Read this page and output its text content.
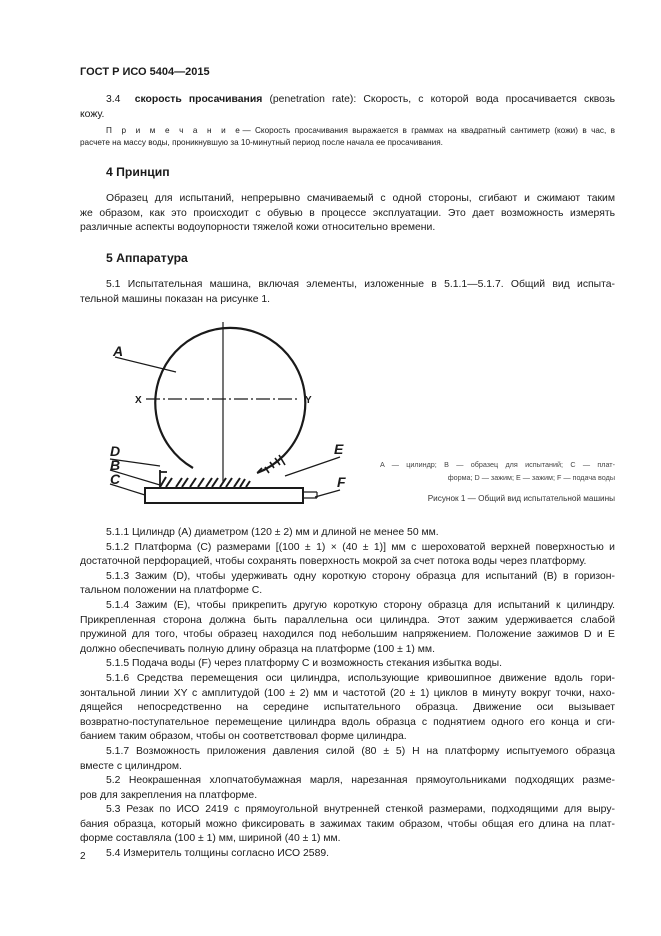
ГОСТ Р ИСО 5404—2015
3.4 скорость просачивания (penetration rate): Скорость, с которой вода просачивается сквозь
кожу.
П р и м е ч а н и е— Скорость просачивания выражается в граммах на квадратный сантиметр (кожи) в час, в
расчете на массу воды, проникнувшую за 10-минутный период после начала ее просачивания.
4 Принцип
Образец для испытаний, непрерывно смачиваемый с одной стороны, сгибают и сжимают таким
же образом, как это происходит с обувью в процессе эксплуатации. Это дает возможность измерять
различные аспекты водоупорности тяжелой кожи относительно времени.
5 Аппаратура
5.1 Испытательная машина, включая элементы, изложенные в 5.1.1—5.1.7. Общий вид испыта-
тельной машины показан на рисунке 1.
A
D
B
C
E
F
X	Y
A — цилиндр; B — образец для испытаний; C — плат-
форма; D — зажим; E — зажим; F — подача воды
Рисунок 1 — Общий вид испытательной машины
5.1.1 Цилиндр (A) диаметром (120 ± 2) мм и длиной не менее 50 мм.
5.1.2 Платформа (C) размерами [(100 ± 1) × (40 ± 1)] мм с шероховатой верхней поверхностью и
достаточной перфорацией, чтобы сохранять поверхность мокрой за счет потока воды через платформу.
5.1.3 Зажим (D), чтобы удерживать одну короткую сторону образца для испытаний (B) в горизон-
тальном положении на платформе C.
5.1.4 Зажим (E), чтобы прикрепить другую короткую сторону образца для испытаний к цилиндру.
Прикрепленная сторона должна быть параллельна оси цилиндра. Этот зажим удерживается слабой
пружиной для того, чтобы образец находился под небольшим напряжением. Положение зажимов D и E
должно обеспечивать полную длину образца на платформе (100 ± 1) мм.
5.1.5 Подача воды (F) через платформу C и возможность стекания избытка воды.
5.1.6 Средства перемещения оси цилиндра, использующие кривошипное движение вдоль гори-
зонтальной линии XY с амплитудой (100 ± 2) мм и частотой (20 ± 1) циклов в минуту вокруг точки, нахо-
дящейся непосредственно на середине испытательного образца. Движение оси вызывает
возвратно-поступательное перемещение цилиндра вдоль образца с поднятием одного его конца и сги-
банием таким образом, чтобы он соответствовал форме цилиндра.
5.1.7 Возможность приложения давления силой (80 ± 5) Н на платформу испытуемого образца
вместе с цилиндром.
5.2 Неокрашенная хлопчатобумажная марля, нарезанная прямоугольниками подходящих разме-
ров для закрепления на платформе.
5.3 Резак по ИСО 2419 с прямоугольной внутренней стенкой размерами, подходящими для выру-
бания образца, который можно фиксировать в зажимах таким образом, чтобы общая его длина на плат-
форме составляла (100 ± 1) мм, шириной (40 ± 1) мм.
5.4 Измеритель толщины согласно ИСО 2589.
2
